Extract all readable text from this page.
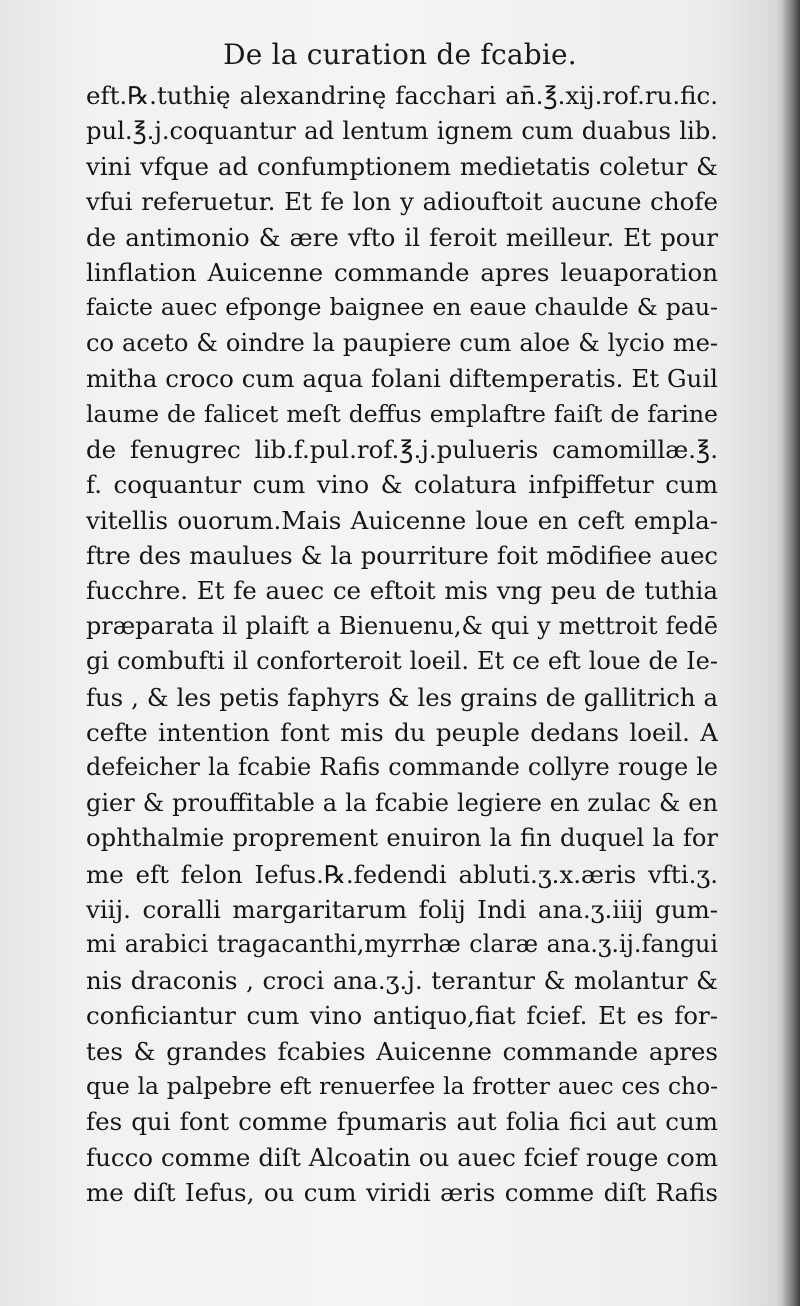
De la curation de fcabie.
eft.℞.tuthię alexandrinę facchari an̄.℥.xij.rof.ru.fic.
pul.℥.j.coquantur ad lentum ignem cum duabus lib.
vini vfque ad confumptionem medietatis coletur &
vfui referuetur. Et fe lon y adiouftoit aucune chofe
de antimonio & ære vfto il feroit meilleur. Et pour
linflation Auicenne commande apres leuaporation
faicte auec efponge baignee en eaue chaulde & pau-
co aceto & oindre la paupiere cum aloe & lycio me-
mitha croco cum aqua folani diftemperatis. Et Guil
laume de falicet meſt deffus emplaftre faiſt de farine
de fenugrec lib.f.pul.rof.℥.j.pulueris camomillæ.℥.
f. coquantur cum vino & colatura infpiffetur cum
vitellis ouorum.Mais Auicenne loue en ceft empla-
ftre des maulues & la pourriture foit mōdifiee auec
fucchre. Et fe auec ce eftoit mis vng peu de tuthia
præparata il plaift a Bienuenu,& qui y mettroit fedē
gi combufti il conforteroit loeil. Et ce eft loue de Ie-
fus , & les petis faphyrs & les grains de gallitrich a
cefte intention font mis du peuple dedans loeil. A
defeicher la fcabie Rafis commande collyre rouge le
gier & prouffitable a la fcabie legiere en zulac & en
ophthalmie proprement enuiron la fin duquel la for
me eft felon Iefus.℞.fedendi abluti.ʒ.x.æris vfti.ʒ.
viij. coralli margaritarum folij Indi ana.ʒ.iiij gum-
mi arabici tragacanthi,myrrhæ claræ ana.ʒ.ij.fangui
nis draconis , croci ana.ʒ.j. terantur & molantur &
conficiantur cum vino antiquo,fiat fcief. Et es for-
tes & grandes fcabies Auicenne commande apres
que la palpebre eft renuerfee la frotter auec ces cho-
fes qui font comme fpumaris aut folia fici aut cum
fucco comme diſt Alcoatin ou auec fcief rouge com
me diſt Iefus, ou cum viridi æris comme diſt Rafis
